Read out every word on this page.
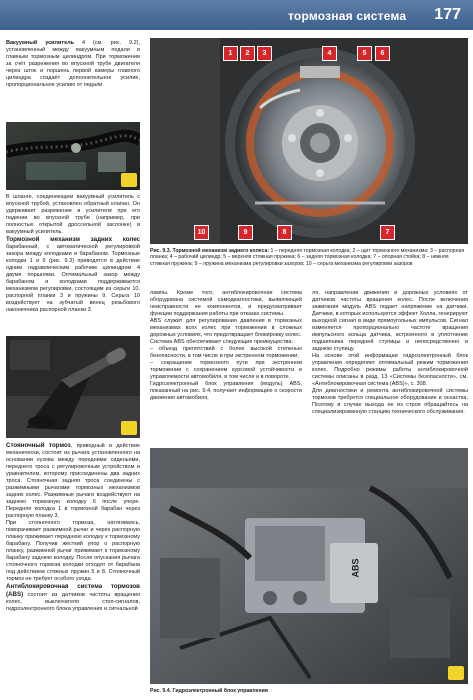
тормозная система 177

Вакуумный усилитель 4 (см. рис. 9.2), установленный между вакуумным педали и главным тормозным цилиндром. При торможении за счёт разрежения во впускной трубе двигателя через шток и поршень первой камеры главного цилиндра создаёт дополнительное усилие, пропорциональное усилию от педали.

В шланге, соединяющем вакуумный усилитель с впускной трубой, установлен обратный клапан. Он удерживает разрежение в усилителе при его падении во впускной трубе (например, при полностью открытой дроссельной заслонке) в вакуумный усилитель.

Тормозной механизм задних колес барабанный, с автоматической регулировкой зазора между колодками и барабаном. Тормозные колодки 1 и 6 (рис. 9.3) приводятся в действие одним гидравлическим рабочим цилиндром 4 двумя поршнями. Оптимальный зазор между барабаном и колодками поддерживается механизмом регулировки, состоящим из серьги 10, распорной планки 3 и пружины 9. Серьга 10 воздействует на зубчатый венец резьбового наконечника распорной планки 3.

Стояночный тормоз, приводный в действие механически, состоит из рычага установленного на основании кузова между передними сиденьями, переднего троса с регулировочным устройством и уравнителем, которому присоединены два задних троса. Стояночная задняя троса соединены с разжимными рычагами тормозных механизмов задних колес. Разжимные рычаги воздействуют на заднюю тормозную колодку 6 после упоре. Передняя колодка 1 в тормозной барабан через распорную планку 3.

При стояночного тормоза, натягиваясь, поворачивает разжимной рычаг и через распорную планку прижимает переднюю колодку к тормозному барабану. Получив жесткий упор о распорную планку, разжимной рычаг прижимает к тормозному барабану заднюю колодку. После опускания рычага стояночного тормоза колодки отходят от барабана под действием стяжных пружин 5 и 8. Стояночный тормоз не требует особого ухода.

Антиблокировочная система тормозов (ABS) состоит из датчиков частоты вращения колес, выключателя стоп-сигналов, гидроэлектронного блока управления и сигнальной

1	2	3	4	5	6
7
8
9
10
Рис. 9.3. Тормозной механизм заднего колеса: 1 – передняя тормозная колодка; 2 – щит тормозного механизма; 3 – распорная планка; 4 – рабочий цилиндр; 5 – верхняя стяжная пружина; 6 – задняя тормозная колодка; 7 – опорная стойка; 8 – нижняя стяжная пружина; 9 – пружина механизма регулировки зазоров; 10 – серьга механизма регулировки зазоров

лампы. Кроме того, антиблокировочная система оборудована системой самодиагностики, выявляющей неисправности ее компонентов, и предусматривает функции поддержания работы при отказах системы.

ABS служит для регулирования давления в тормозных механизмах всех колес при торможении в сложных дорожных условиях, что предотвращает блокировку колес.

Система ABS обеспечивает следующие преимущества:

– объезд препятствий с более высокой степенью безопасности, в том числе и при экстренном торможении;

– сокращение тормозного пути при экстренном торможении с сохранением курсовой устойчивости и управляемости автомобиля, в том числе и в повороте.

Гидроэлектронный блок управления (модуль) ABS, показанный на рис. 9.4, получает информацию о скорости движения автомобиля,

ля, направлении движения и дорожных условиях от датчиков частоты вращения колес. После включения зажигания модуль ABS подает напряжение на датчики. Датчики, в которых используется эффект Холла, генерируют выходной сигнал в виде прямоугольных импульсов. Сигнал изменяется пропорционально частоте вращения импульсного кольца датчика, встроенного в уплотнение подшипника передней ступицы и непосредственно в заднюю ступицу.

На основе этой информации гидроэлектронный блок управления определяет оптимальный режим торможения колес. Подробно режимы работы антиблокировочной системы описаны в разд. 13 «Системы безопасности», см. «Антиблокировочная система (ABS)», с. 308.

Для диагностики и ремонта антиблокировочной системы тормозов требуется специальное оборудование и оснастка. Поэтому в случае выхода ее из строя обращайтесь на специализированную станцию технического обслуживания.

ABS
Рис. 9.4. Гидроэлектронный блок управления
